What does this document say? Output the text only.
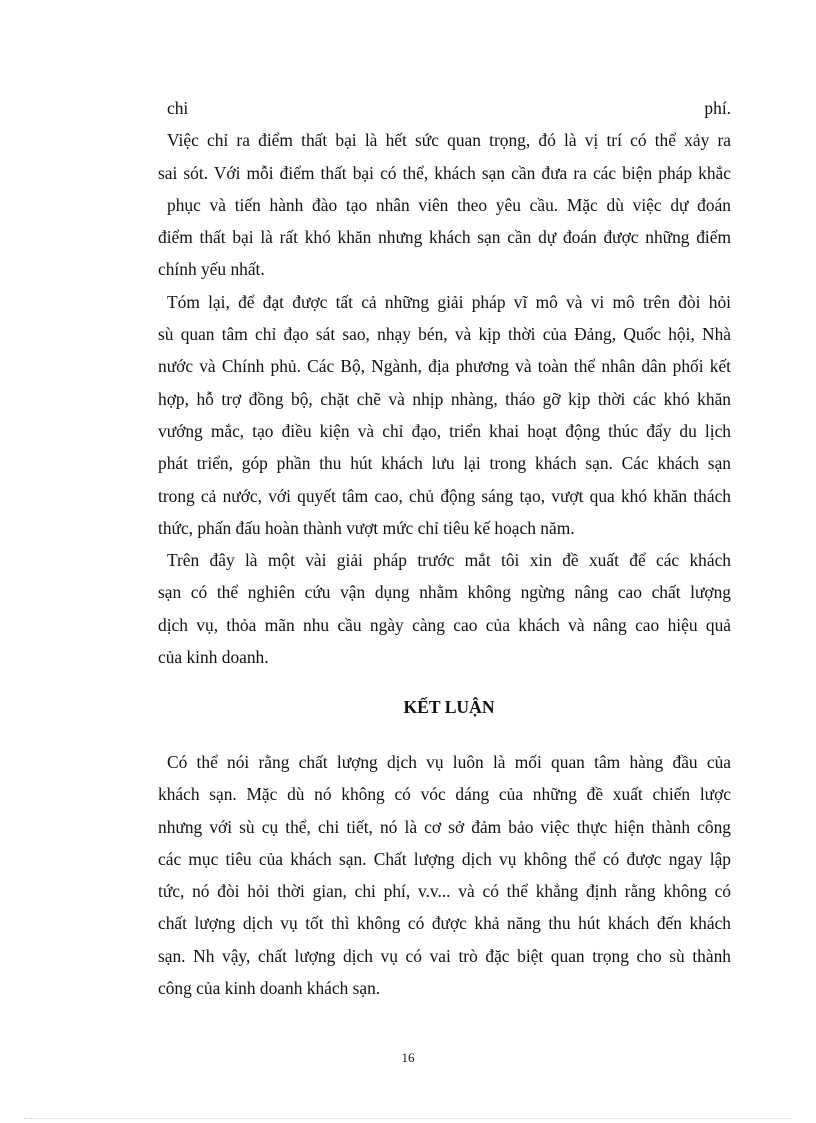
chi	phí.
Việc chỉ ra điểm thất bại là hết sức quan trọng, đó là vị trí có thể xảy ra
sai sót. Với mỗi điểm thất bại có thể, khách sạn cần đưa ra các biện pháp khắc
phục và tiến hành đào tạo nhân viên theo yêu cầu. Mặc dù việc dự đoán
điểm thất bại là rất khó khăn nhưng khách sạn cần dự đoán được những điểm
chính yếu nhất.
Tóm lại, để đạt được tất cả những giải pháp vĩ mô và vi mô trên đòi hỏi
sù quan tâm chỉ đạo sát sao, nhạy bén, và kịp thời của Đảng, Quốc hội, Nhà
nước và Chính phủ. Các Bộ, Ngành, địa phương và toàn thể nhân dân phối kết
hợp, hỗ trợ đồng bộ, chặt chẽ và nhịp nhàng, tháo gỡ kịp thời các khó khăn
vướng mắc, tạo điều kiện và chỉ đạo, triển khai hoạt động thúc đẩy du lịch
phát triển, góp phần thu hút khách lưu lại trong khách sạn. Các khách sạn
trong cả nước, với quyết tâm cao, chủ động sáng tạo, vượt qua khó khăn thách
thức, phấn đấu hoàn thành vượt mức chỉ tiêu kế hoạch năm.
Trên đây là một vài giải pháp trước mắt tôi xin đề xuất để các khách
sạn có thể nghiên cứu vận dụng nhằm không ngừng nâng cao chất lượng
dịch vụ, thỏa mãn nhu cầu ngày càng cao của khách và nâng cao hiệu quả
của kinh doanh.
KẾT LUẬN
Có thể nói rằng chất lượng dịch vụ luôn là mối quan tâm hàng đầu của
khách sạn. Mặc dù nó không có vóc dáng của những đề xuất chiến lược
nhưng với sù cụ thể, chi tiết, nó là cơ sở đảm bảo việc thực hiện thành công
các mục tiêu của khách sạn. Chất lượng dịch vụ không thể có được ngay lập
tức, nó đòi hỏi thời gian, chi phí, v.v... và có thể khẳng định rằng không có
chất lượng dịch vụ tốt thì không có được khả năng thu hút khách đến khách
sạn. Nh vậy, chất lượng dịch vụ có vai trò đặc biệt quan trọng cho sù thành
công của kinh doanh khách sạn.
16
